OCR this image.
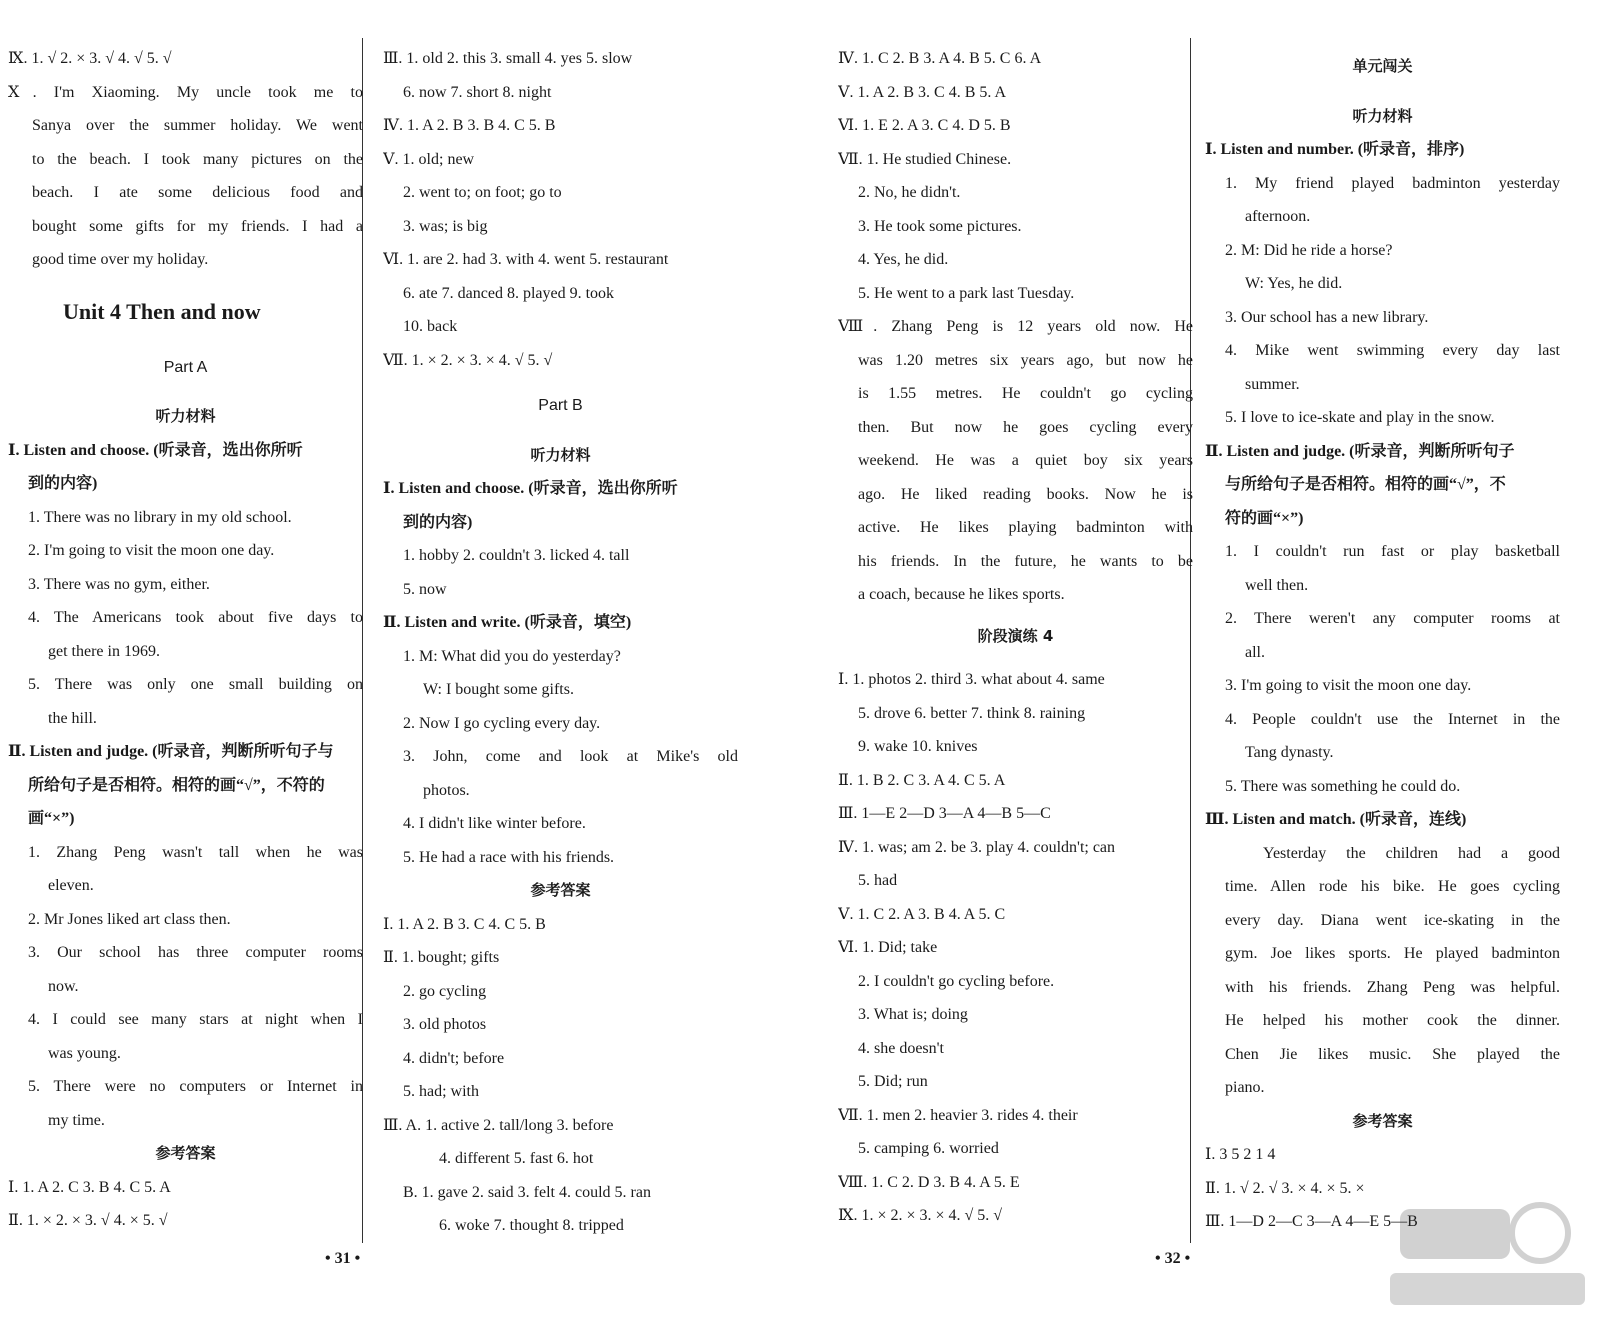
Ⅸ. 1. √ 2. × 3. √ 4. √ 5. √
Ⅹ. I'm Xiaoming. My uncle took me to
Sanya over the summer holiday. We went
to the beach. I took many pictures on the
beach. I ate some delicious food and
bought some gifts for my friends. I had a
good time over my holiday.
Unit 4 Then and now
Part A
听力材料
Ⅰ. Listen and choose. (听录音，选出你所听
到的内容)
1. There was no library in my old school.
2. I'm going to visit the moon one day.
3. There was no gym, either.
4. The Americans took about five days to
get there in 1969.
5. There was only one small building on
the hill.
Ⅱ. Listen and judge. (听录音，判断所听句子与
所给句子是否相符。相符的画“√”，不符的
画“×”)
1. Zhang Peng wasn't tall when he was
eleven.
2. Mr Jones liked art class then.
3. Our school has three computer rooms
now.
4. I could see many stars at night when I
was young.
5. There were no computers or Internet in
my time.
参考答案
Ⅰ. 1. A 2. C 3. B 4. C 5. A
Ⅱ. 1. × 2. × 3. √ 4. × 5. √
Ⅲ. 1. old 2. this 3. small 4. yes 5. slow
6. now 7. short 8. night
Ⅳ. 1. A 2. B 3. B 4. C 5. B
Ⅴ. 1. old; new
2. went to; on foot; go to
3. was; is big
Ⅵ. 1. are 2. had 3. with 4. went 5. restaurant
6. ate 7. danced 8. played 9. took
10. back
Ⅶ. 1. × 2. × 3. × 4. √ 5. √
Part B
听力材料
Ⅰ. Listen and choose. (听录音，选出你所听
到的内容)
1. hobby 2. couldn't 3. licked 4. tall
5. now
Ⅱ. Listen and write. (听录音，填空)
1. M: What did you do yesterday?
W: I bought some gifts.
2. Now I go cycling every day.
3. John, come and look at Mike's old
photos.
4. I didn't like winter before.
5. He had a race with his friends.
参考答案
Ⅰ. 1. A 2. B 3. C 4. C 5. B
Ⅱ. 1. bought; gifts
2. go cycling
3. old photos
4. didn't; before
5. had; with
Ⅲ. A. 1. active 2. tall/long 3. before
4. different 5. fast 6. hot
B. 1. gave 2. said 3. felt 4. could 5. ran
6. woke 7. thought 8. tripped
Ⅳ. 1. C 2. B 3. A 4. B 5. C 6. A
Ⅴ. 1. A 2. B 3. C 4. B 5. A
Ⅵ. 1. E 2. A 3. C 4. D 5. B
Ⅶ. 1. He studied Chinese.
2. No, he didn't.
3. He took some pictures.
4. Yes, he did.
5. He went to a park last Tuesday.
Ⅷ. Zhang Peng is 12 years old now. He
was 1.20 metres six years ago, but now he
is 1.55 metres. He couldn't go cycling
then. But now he goes cycling every
weekend. He was a quiet boy six years
ago. He liked reading books. Now he is
active. He likes playing badminton with
his friends. In the future, he wants to be
a coach, because he likes sports.
阶段演练 4
Ⅰ. 1. photos 2. third 3. what about 4. same
5. drove 6. better 7. think 8. raining
9. wake 10. knives
Ⅱ. 1. B 2. C 3. A 4. C 5. A
Ⅲ. 1—E 2—D 3—A 4—B 5—C
Ⅳ. 1. was; am 2. be 3. play 4. couldn't; can
5. had
Ⅴ. 1. C 2. A 3. B 4. A 5. C
Ⅵ. 1. Did; take
2. I couldn't go cycling before.
3. What is; doing
4. she doesn't
5. Did; run
Ⅶ. 1. men 2. heavier 3. rides 4. their
5. camping 6. worried
Ⅷ. 1. C 2. D 3. B 4. A 5. E
Ⅸ. 1. × 2. × 3. × 4. √ 5. √
单元闯关
听力材料
Ⅰ. Listen and number. (听录音，排序)
1. My friend played badminton yesterday
afternoon.
2. M: Did he ride a horse?
W: Yes, he did.
3. Our school has a new library.
4. Mike went swimming every day last
summer.
5. I love to ice-skate and play in the snow.
Ⅱ. Listen and judge. (听录音，判断所听句子
与所给句子是否相符。相符的画“√”，不
符的画“×”)
1. I couldn't run fast or play basketball
well then.
2. There weren't any computer rooms at
all.
3. I'm going to visit the moon one day.
4. People couldn't use the Internet in the
Tang dynasty.
5. There was something he could do.
Ⅲ. Listen and match. (听录音，连线)
Yesterday the children had a good
time. Allen rode his bike. He goes cycling
every day. Diana went ice-skating in the
gym. Joe likes sports. He played badminton
with his friends. Zhang Peng was helpful.
He helped his mother cook the dinner.
Chen Jie likes music. She played the
piano.
参考答案
Ⅰ. 3 5 2 1 4
Ⅱ. 1. √ 2. √ 3. × 4. × 5. ×
Ⅲ. 1—D 2—C 3—A 4—E 5—B
• 31 •	• 32 •
